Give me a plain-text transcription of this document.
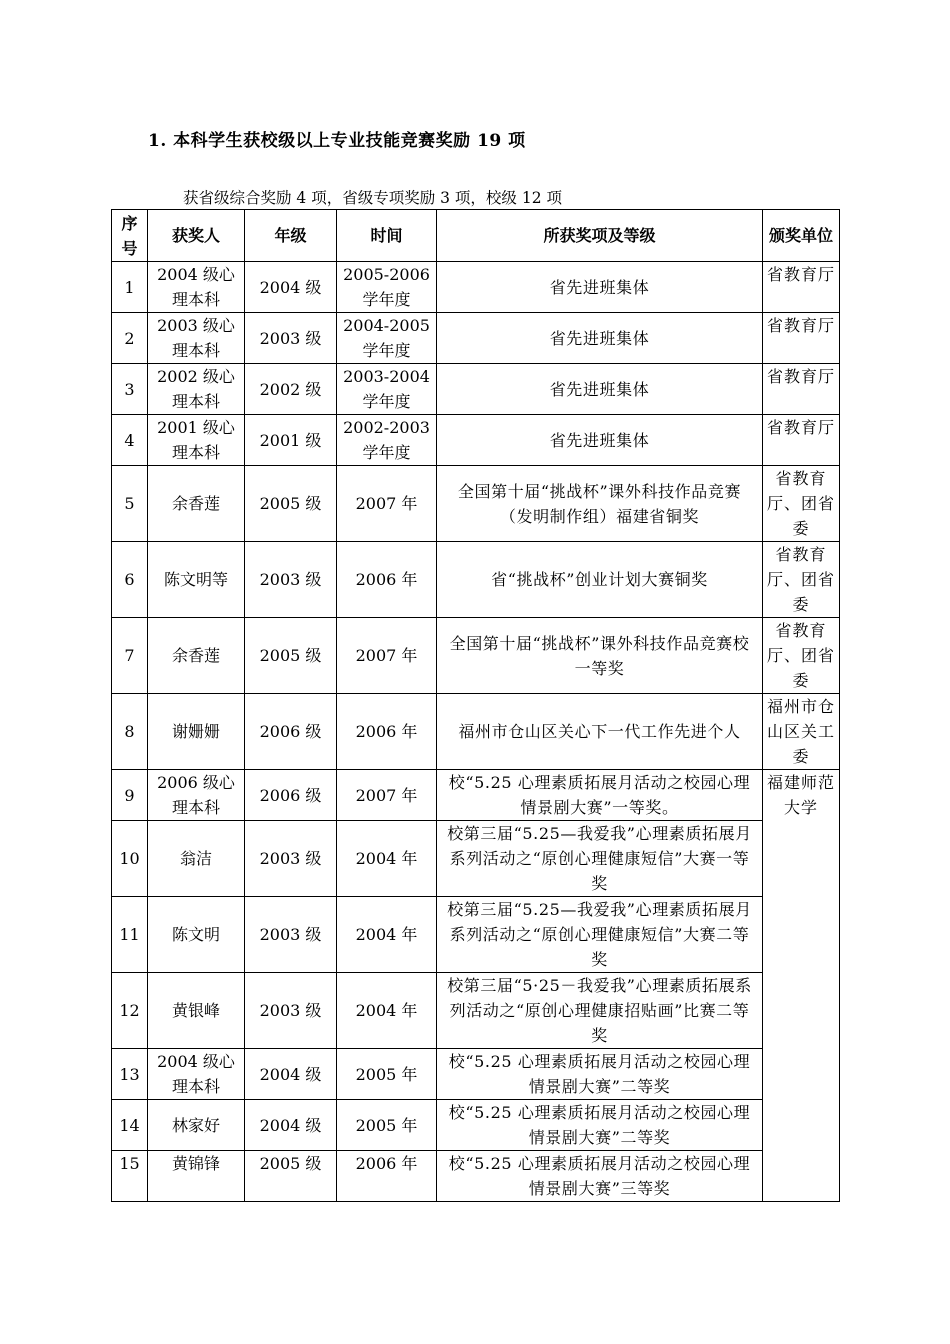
1. 本科学生获校级以上专业技能竞赛奖励 19 项
获省级综合奖励 4 项，省级专项奖励 3 项，校级 12 项
序号	获奖人	年级	时间	所获奖项及等级	颁奖单位
1	2004 级心理本科	2004 级	2005-2006 学年度	省先进班集体	省教育厅
2	2003 级心理本科	2003 级	2004-2005 学年度	省先进班集体	省教育厅
3	2002 级心理本科	2002 级	2003-2004 学年度	省先进班集体	省教育厅
4	2001 级心理本科	2001 级	2002-2003 学年度	省先进班集体	省教育厅
5	余香莲	2005 级	2007 年	全国第十届“挑战杯”课外科技作品竞赛（发明制作组）福建省铜奖	省教育厅、团省委
6	陈文明等	2003 级	2006 年	省“挑战杯”创业计划大赛铜奖	省教育厅、团省委
7	余香莲	2005 级	2007 年	全国第十届“挑战杯”课外科技作品竞赛校一等奖	省教育厅、团省委
8	谢姗姗	2006 级	2006 年	福州市仓山区关心下一代工作先进个人	福州市仓山区关工委
9	2006 级心理本科	2006 级	2007 年	校“5.25 心理素质拓展月活动之校园心理情景剧大赛”一等奖。	福建师范大学
10	翁洁	2003 级	2004 年	校第三届“5.25—我爱我”心理素质拓展月系列活动之“原创心理健康短信”大赛一等奖	
11	陈文明	2003 级	2004 年	校第三届“5.25—我爱我”心理素质拓展月系列活动之“原创心理健康短信”大赛二等奖	
12	黄银峰	2003 级	2004 年	校第三届“5·25－我爱我”心理素质拓展系列活动之“原创心理健康招贴画”比赛二等奖	
13	2004 级心理本科	2004 级	2005 年	校“5.25 心理素质拓展月活动之校园心理情景剧大赛”二等奖	
14	林家好	2004 级	2005 年	校“5.25 心理素质拓展月活动之校园心理情景剧大赛”二等奖	
15	黄锦锋	2005 级	2006 年	校“5.25 心理素质拓展月活动之校园心理情景剧大赛”三等奖	
